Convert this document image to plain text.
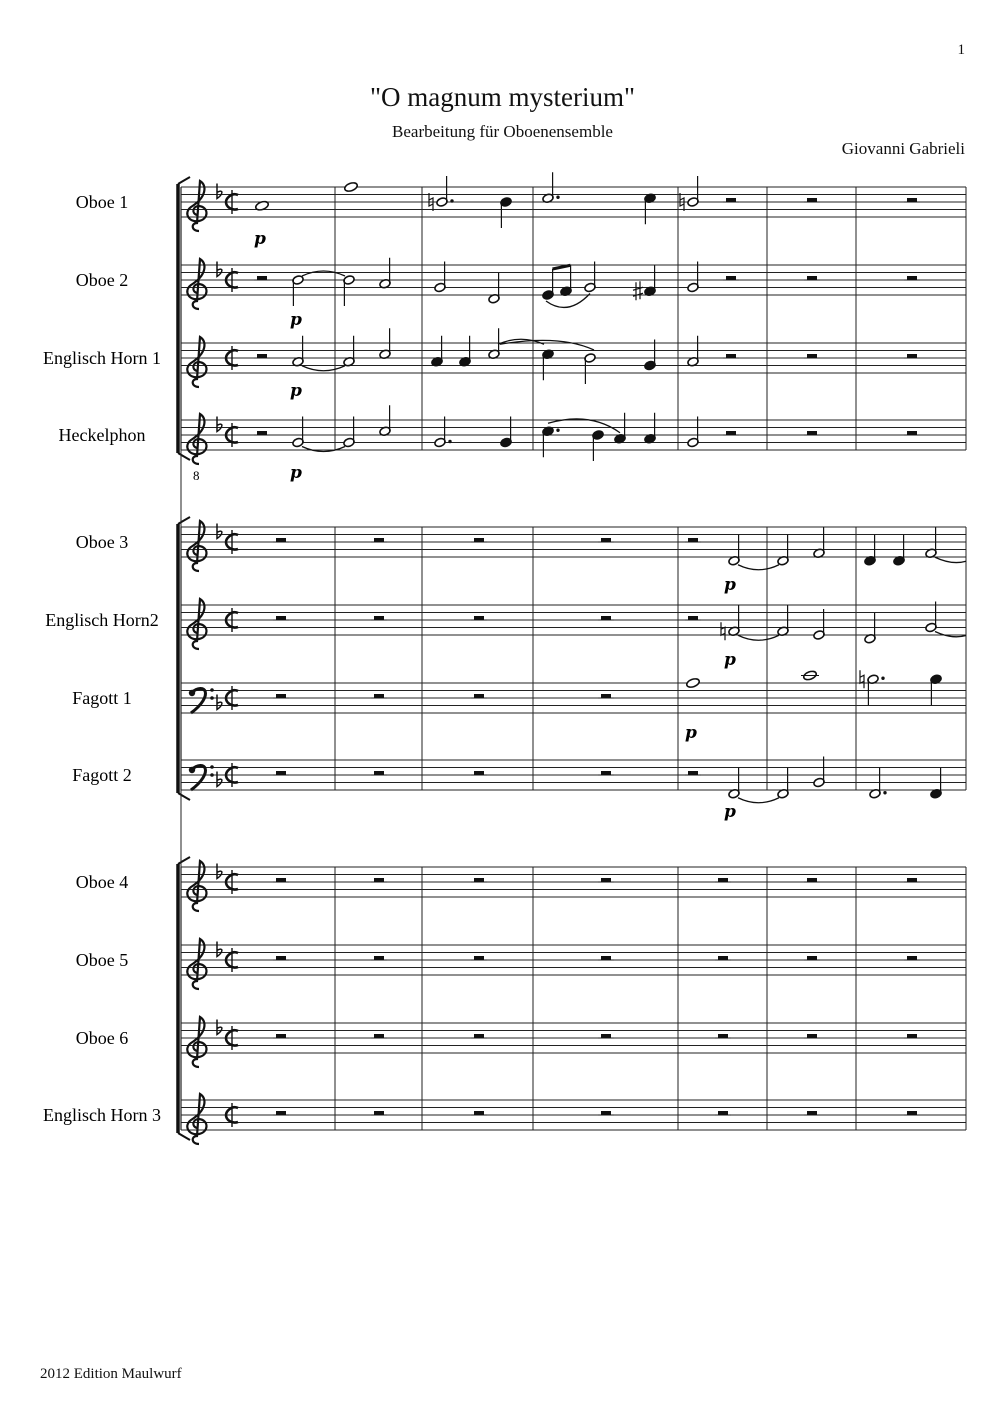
1
"O magnum mysterium"
Bearbeitung für Oboenensemble
Giovanni Gabrieli
2012 Edition Maulwurf
Oboe 1
Oboe 2
Englisch Horn 1
Heckelphon
8
Oboe 3
Englisch Horn2
Fagott 1
Fagott 2
Oboe 4
Oboe 5
Oboe 6
Englisch Horn 3
p
p
p
p
p
p
p
p
